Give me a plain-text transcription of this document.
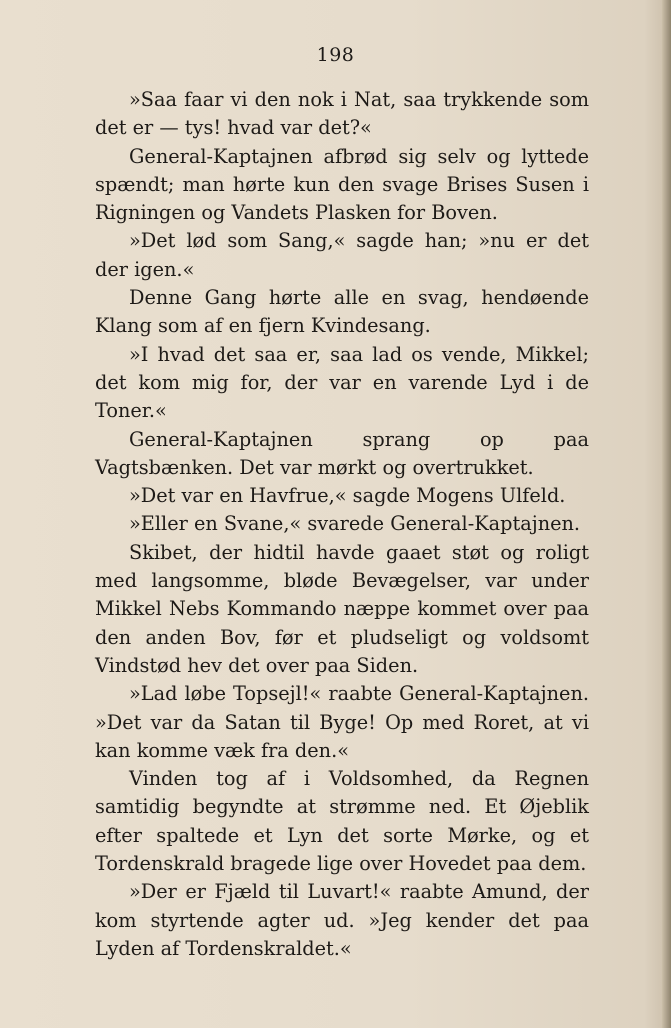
198

»Saa faar vi den nok i Nat, saa trykkende som det er — tys! hvad var det?«

General-Kaptajnen afbrød sig selv og lyttede spændt; man hørte kun den svage Brises Susen i Rigningen og Vandets Plasken for Boven.

»Det lød som Sang,« sagde han; »nu er det der igen.«

Denne Gang hørte alle en svag, hendøende Klang som af en fjern Kvindesang.

»I hvad det saa er, saa lad os vende, Mikkel; det kom mig for, der var en varende Lyd i de Toner.«

General-Kaptajnen sprang op paa Vagtsbænken. Det var mørkt og overtrukket.

»Det var en Havfrue,« sagde Mogens Ulfeld.

»Eller en Svane,« svarede General-Kaptajnen.

Skibet, der hidtil havde gaaet støt og roligt med langsomme, bløde Bevægelser, var under Mikkel Nebs Kommando næppe kommet over paa den anden Bov, før et pludseligt og voldsomt Vindstød hev det over paa Siden.

»Lad løbe Topsejl!« raabte General-Kaptajnen. »Det var da Satan til Byge! Op med Roret, at vi kan komme væk fra den.«

Vinden tog af i Voldsomhed, da Regnen samtidig begyndte at strømme ned. Et Øjeblik efter spaltede et Lyn det sorte Mørke, og et Tordenskrald bragede lige over Hovedet paa dem.

»Der er Fjæld til Luvart!« raabte Amund, der kom styrtende agter ud. »Jeg kender det paa Lyden af Tordenskraldet.«
